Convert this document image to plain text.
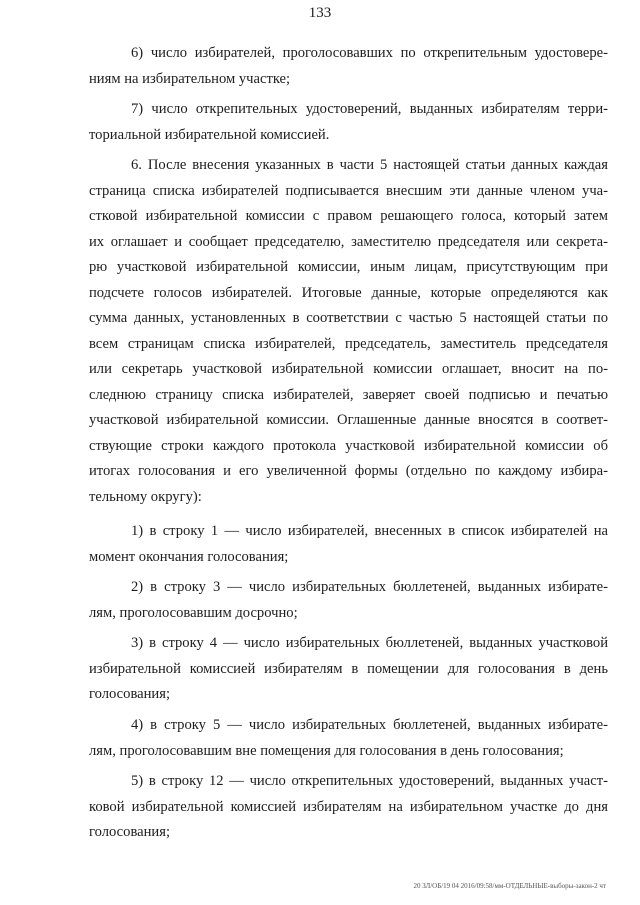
133
6) число избирателей, проголосовавших по открепительным удостовере-
ниям на избирательном участке;
7) число открепительных удостоверений, выданных избирателям терри-
ториальной избирательной комиссией.
6. После внесения указанных в части 5 настоящей статьи данных каждая
страница списка избирателей подписывается внесшим эти данные членом уча-
стковой избирательной комиссии с правом решающего голоса, который затем
их оглашает и сообщает председателю, заместителю председателя или секрета-
рю участковой избирательной комиссии, иным лицам, присутствующим при
подсчете голосов избирателей. Итоговые данные, которые определяются как
сумма данных, установленных в соответствии с частью 5 настоящей статьи по
всем страницам списка избирателей, председатель, заместитель председателя
или секретарь участковой избирательной комиссии оглашает, вносит на по-
следнюю страницу списка избирателей, заверяет своей подписью и печатью
участковой избирательной комиссии. Оглашенные данные вносятся в соответ-
ствующие строки каждого протокола участковой избирательной комиссии об
итогах голосования и его увеличенной формы (отдельно по каждому избира-
тельному округу):
1) в строку 1 — число избирателей, внесенных в список избирателей на
момент окончания голосования;
2) в строку 3 — число избирательных бюллетеней, выданных избирате-
лям, проголосовавшим досрочно;
3) в строку 4 — число избирательных бюллетеней, выданных участковой
избирательной комиссией избирателям в помещении для голосования в день
голосования;
4) в строку 5 — число избирательных бюллетеней, выданных избирате-
лям, проголосовавшим вне помещения для голосования в день голосования;
5) в строку 12 — число открепительных удостоверений, выданных участ-
ковой избирательной комиссией избирателям на избирательном участке до дня
голосования;
20 ЗЛ/ОБ/19 04 2016/09:58/мм-ОТДЕЛЬНЫЕ-выборы-закон-2 чт
